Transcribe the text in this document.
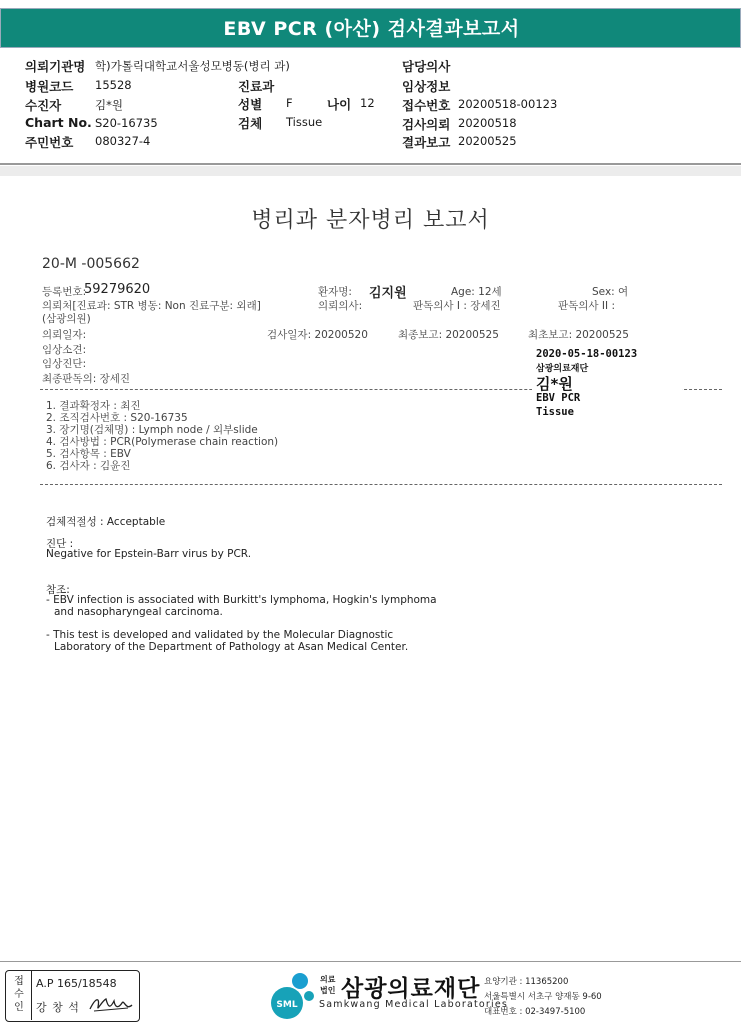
EBV PCR (아산) 검사결과보고서
의뢰기관명 학)가톨릭대학교서울성모병동(병리 과)
병원코드 15528
수진자	김*원
Chart No. S20-16735
주민번호 080327-4
진료과
성별 F	나이 12
검체 Tissue
담당의사
임상정보
접수번호 20200518-00123
검사의뢰 20200518
결과보고 20200525
병리과 분자병리 보고서
20-M -005662
등록번호:
59279620	환자명: 김지원	Age: 12세	Sex: 여
의뢰처[진료과: STR 병동: Non 진료구분: 외래]	의뢰의사:	판독의사 I : 장세진	판독의사 II :
(삼광의원)
의뢰일자:	검사일자: 20200520	최종보고: 20200525	최초보고: 20200525
임상소견:
임상진단:
최종판독의: 장세진
2020-05-18-00123
삼광의료재단
김*원
EBV PCR
Tissue
1. 결과확정자 : 최진
2. 조직검사번호 : S20-16735
3. 장기명(검체명) : Lymph node / 외부slide
4. 검사방법 : PCR(Polymerase chain reaction)
5. 검사항목 : EBV
6. 검사자 : 김윤진
검체적절성 : Acceptable
진단 :
Negative for Epstein-Barr virus by PCR.
참조:
- EBV infection is associated with Burkitt's lymphoma, Hogkin's lymphoma
and nasopharyngeal carcinoma.
- This test is developed and validated by the Molecular Diagnostic
Laboratory of the Department of Pathology at Asan Medical Center.
접수인
A.P 165/18548
강 창 석	SML
의료
법인 삼광의료재단
Samkwang Medical Laboratories
요양기관 : 11365200
서울특별시 서초구 양재동 9-60
대표번호 : 02-3497-5100
